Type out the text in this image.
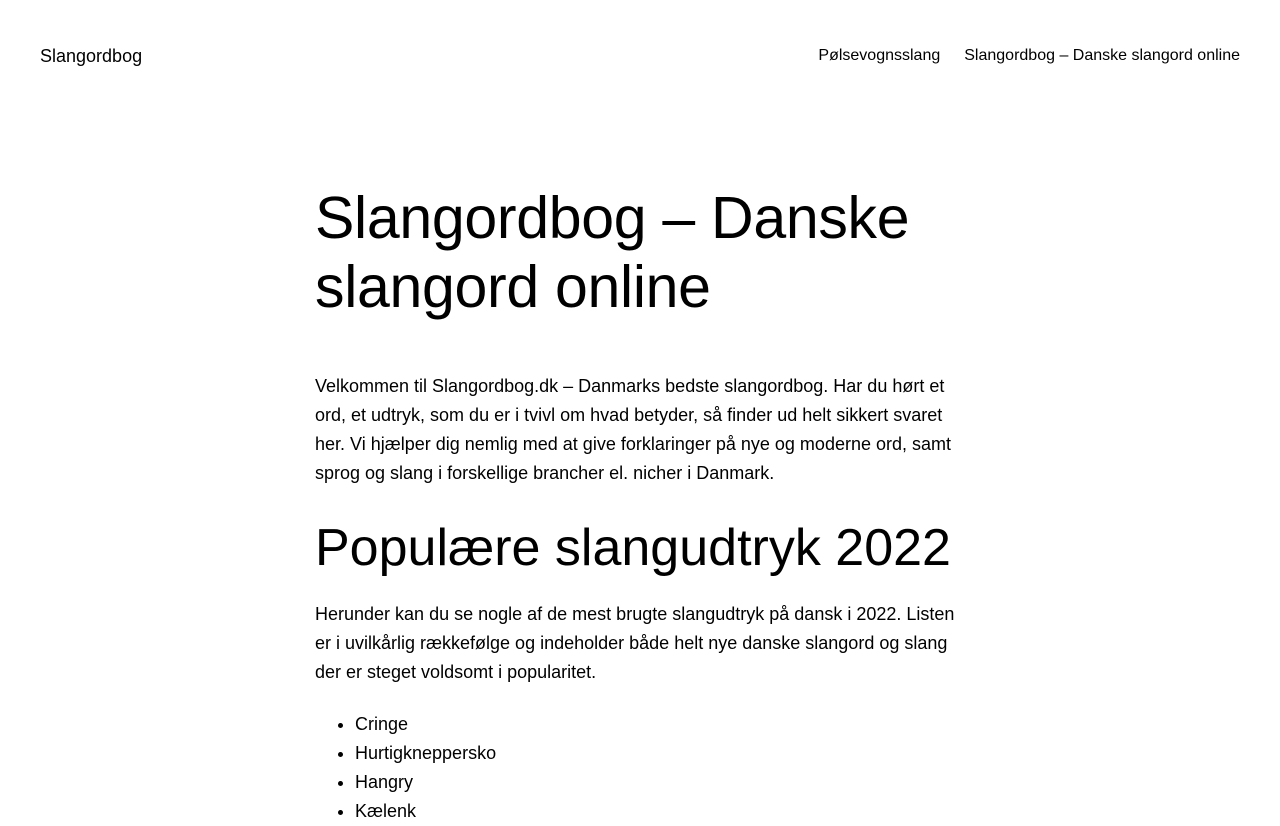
Slangordbog	Pølsevognsslang Slangordbog – Danske slangord online
Slangordbog – Danske slangord online

Velkommen til Slangordbog.dk – Danmarks bedste slangordbog. Har du hørt et ord, et udtryk, som du er i tvivl om hvad betyder, så finder ud helt sikkert svaret her. Vi hjælper dig nemlig med at give forklaringer på nye og moderne ord, samt sprog og slang i forskellige brancher el. nicher i Danmark.

Populære slangudtryk 2022

Herunder kan du se nogle af de mest brugte slangudtryk på dansk i 2022. Listen er i uvilkårlig rækkefølge og indeholder både helt nye danske slangord og slang der er steget voldsomt i popularitet.

• Cringe
• Hurtigkneppersko
• Hangry
• Kælenk
